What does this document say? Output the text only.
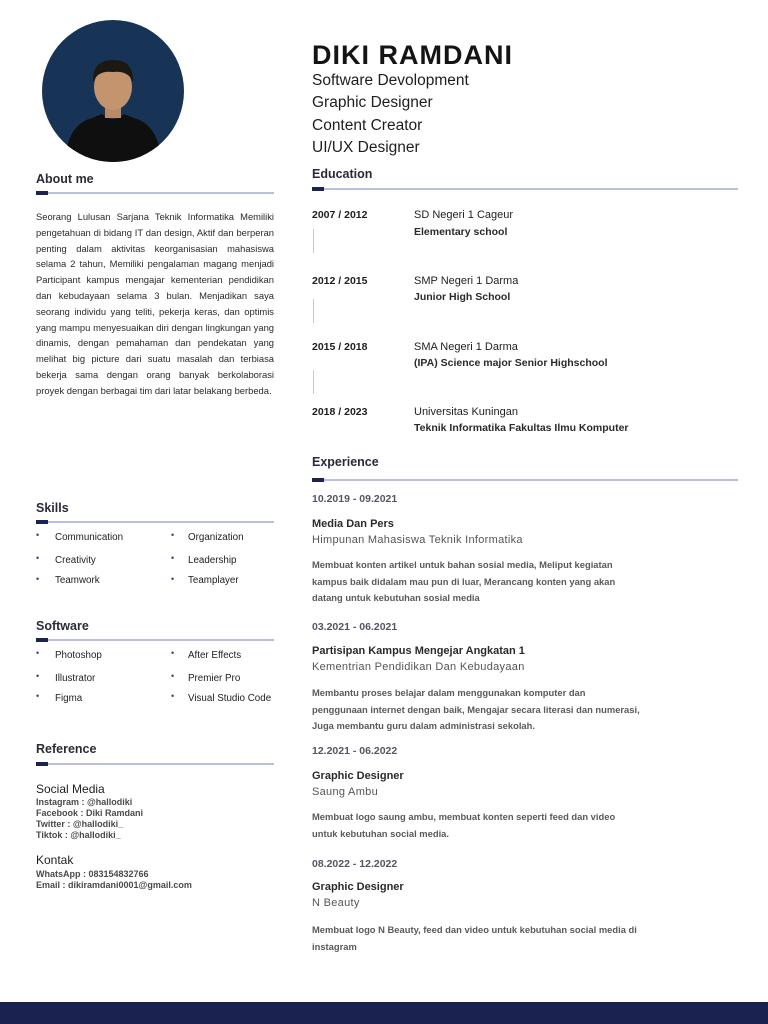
DIKI RAMDANI
Software Devolopment
Graphic Designer
Content Creator
UI/UX Designer
About me
Seorang Lulusan Sarjana Teknik Informatika Memiliki pengetahuan di bidang IT dan design, Aktif dan berperan penting dalam aktivitas keorganisasian mahasiswa selama 2 tahun, Memiliki pengalaman magang menjadi Participant kampus mengajar kementerian pendidikan dan kebudayaan selama 3 bulan. Menjadikan saya seorang individu yang teliti, pekerja keras, dan optimis yang mampu menyesuaikan diri dengan lingkungan yang dinamis, dengan pemahaman dan pendekatan yang melihat big picture dari suatu masalah dan terbiasa bekerja sama dengan orang banyak berkolaborasi proyek dengan berbagai tim dari latar belakang berbeda.
Education
2007 / 2012	SD Negeri 1 Cageur
Elementary school
2012 / 2015	SMP Negeri 1 Darma
Junior High School
2015 / 2018	SMA Negeri 1 Darma
(IPA) Science major Senior Highschool
2018 / 2023	Universitas Kuningan
Teknik Informatika Fakultas Ilmu Komputer
Skills
• Communication
• Creativity
• Teamwork
• Organization
• Leadership
• Teamplayer
Software
• Photoshop
• Illustrator
• Figma
• After Effects
• Premier Pro
• Visual Studio Code
Reference
Social Media
Instagram : @hallodiki
Facebook : Diki Ramdani
Twitter : @hallodiki_
Tiktok : @hallodiki_
Kontak
WhatsApp : 083154832766
Email : dikiramdani0001@gmail.com
Experience
10.2019 - 09.2021
Media Dan Pers
Himpunan Mahasiswa Teknik Informatika
Membuat konten artikel untuk bahan sosial media, Meliput kegiatan kampus baik didalam mau pun di luar, Merancang konten yang akan datang untuk kebutuhan sosial media
03.2021 - 06.2021
Partisipan Kampus Mengejar Angkatan 1
Kementrian Pendidikan Dan Kebudayaan
Membantu proses belajar dalam menggunakan komputer dan penggunaan internet dengan baik, Mengajar secara literasi dan numerasi, Juga membantu guru dalam administrasi sekolah.
12.2021 - 06.2022
Graphic Designer
Saung Ambu
Membuat logo saung ambu, membuat konten seperti feed dan video untuk kebutuhan social media.
08.2022 - 12.2022
Graphic Designer
N Beauty
Membuat logo N Beauty, feed dan video untuk kebutuhan social media di instagram
